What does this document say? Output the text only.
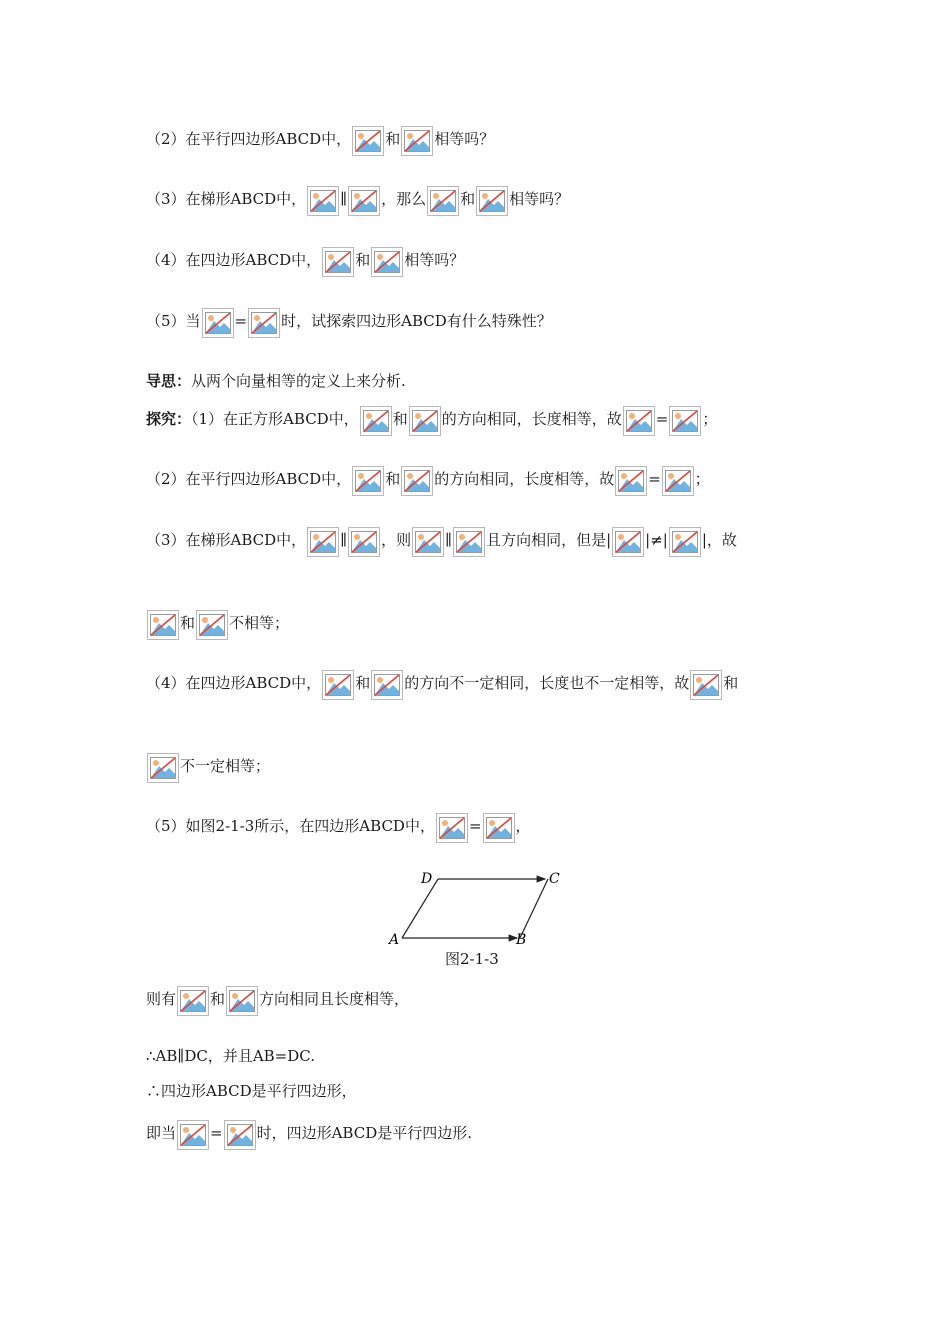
（2）在平行四边形ABCD中， 和 相等吗？
（3）在梯形ABCD中， ∥ ，那么 和 相等吗？
（4）在四边形ABCD中， 和 相等吗？
（5）当 = 时，试探索四边形ABCD有什么特殊性？
导思：从两个向量相等的定义上来分析.
探究：（1）在正方形ABCD中， 和 的方向相同，长度相等，故 = ；
（2）在平行四边形ABCD中， 和 的方向相同，长度相等，故 = ；
（3）在梯形ABCD中， ∥ ，则 ∥ 且方向相同，但是| |≠| |，故
和 不相等；
（4）在四边形ABCD中， 和 的方向不一定相同，长度也不一定相等，故 和
不一定相等；
（5）如图2-1-3所示，在四边形ABCD中， = ，
A	B
C
D
图2-1-3
则有 和 方向相同且长度相等，
∴AB∥DC，并且AB=DC.
∴四边形ABCD是平行四边形，
即当 = 时，四边形ABCD是平行四边形.
